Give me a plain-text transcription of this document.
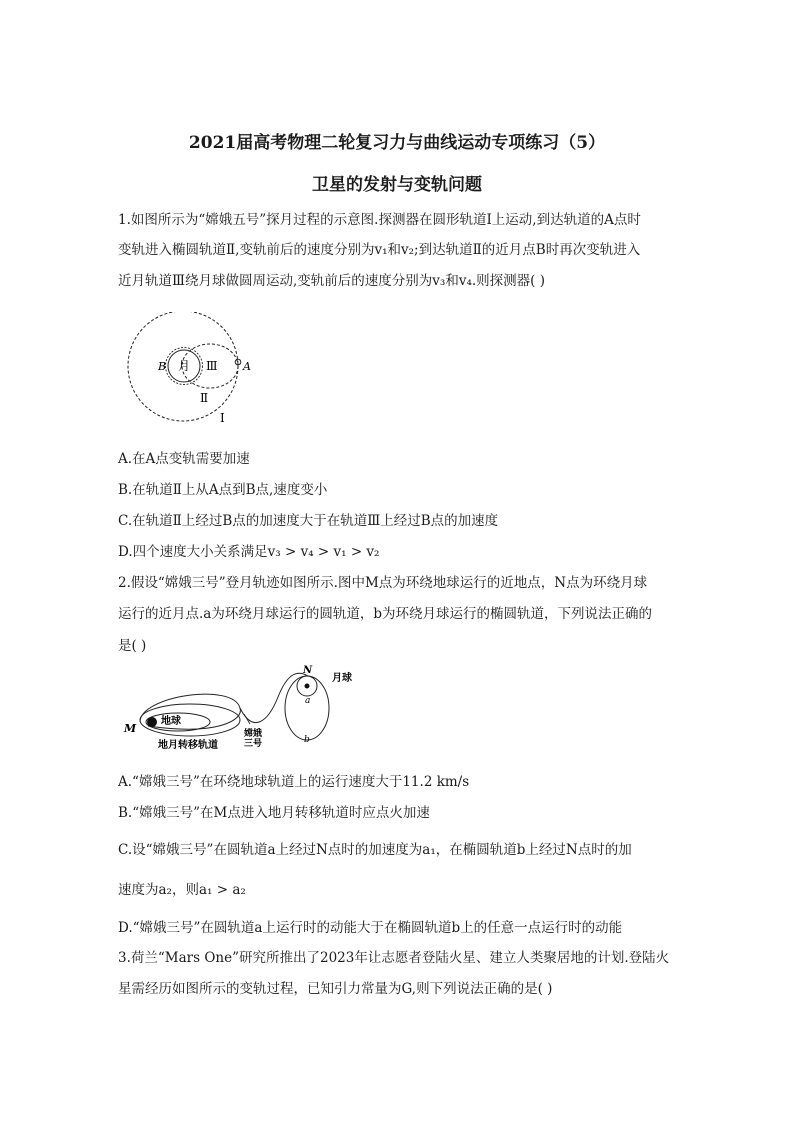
2021届高考物理二轮复习力与曲线运动专项练习（5）
卫星的发射与变轨问题
1.如图所示为“嫦娥五号”探月过程的示意图.探测器在圆形轨道Ⅰ上运动,到达轨道的A点时
变轨进入椭圆轨道Ⅱ,变轨前后的速度分别为v₁和v₂;到达轨道Ⅱ的近月点B时再次变轨进入
近月轨道Ⅲ绕月球做圆周运动,变轨前后的速度分别为v₃和v₄.则探测器( )
月 Ⅲ
B	A
Ⅱ
Ⅰ
A.在A点变轨需要加速
B.在轨道Ⅱ上从A点到B点,速度变小
C.在轨道Ⅱ上经过B点的加速度大于在轨道Ⅲ上经过B点的加速度
D.四个速度大小关系满足v₃ > v₄ > v₁ > v₂
2.假设“嫦娥三号”登月轨迹如图所示.图中M点为环绕地球运行的近地点，N点为环绕月球
运行的近月点.a为环绕月球运行的圆轨道，b为环绕月球运行的椭圆轨道，下列说法正确的
是( )
M
地球
地月转移轨道
嫦娥
三号
N
月球
a
b
A.“嫦娥三号”在环绕地球轨道上的运行速度大于11.2 km/s
B.“嫦娥三号”在M点进入地月转移轨道时应点火加速
C.设“嫦娥三号”在圆轨道a上经过N点时的加速度为a₁，在椭圆轨道b上经过N点时的加
速度为a₂，则a₁ > a₂
D.“嫦娥三号”在圆轨道a上运行时的动能大于在椭圆轨道b上的任意一点运行时的动能
3.荷兰“Mars One”研究所推出了2023年让志愿者登陆火星、建立人类聚居地的计划.登陆火
星需经历如图所示的变轨过程，已知引力常量为G,则下列说法正确的是( )
